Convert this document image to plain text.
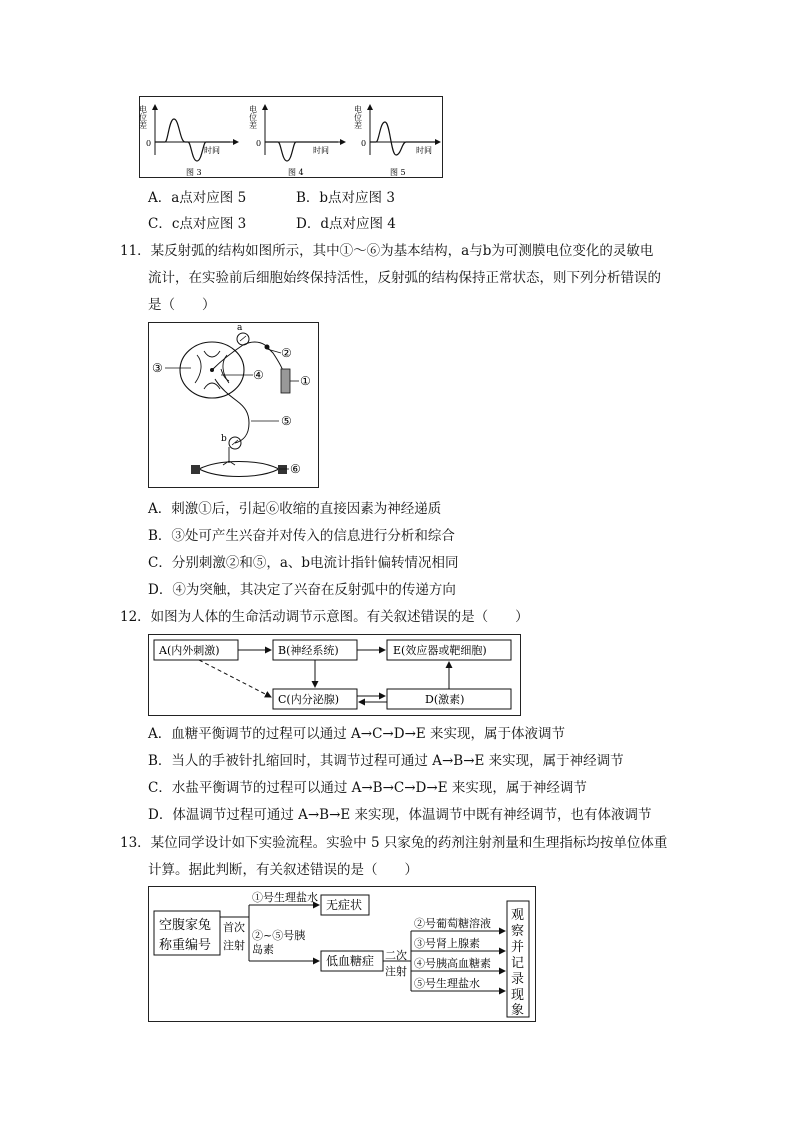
电位差
0
时间
图 3
电位差
0
时间
图 4
电位差
0
时间
图 5
A．a点对应图 5	B．b点对应图 3
C．c点对应图 3	D．d点对应图 4
11．某反射弧的结构如图所示，其中①～⑥为基本结构，a与b为可测膜电位变化的灵敏电
流计，在实验前后细胞始终保持活性，反射弧的结构保持正常状态，则下列分析错误的
是（　　）
a
b
③	④
②
①
⑤
⑥
A．刺激①后，引起⑥收缩的直接因素为神经递质
B．③处可产生兴奋并对传入的信息进行分析和综合
C．分别刺激②和⑤，a、b电流计指针偏转情况相同
D．④为突触，其决定了兴奋在反射弧中的传递方向
12．如图为人体的生命活动调节示意图。有关叙述错误的是（　　）
A(内外刺激)	B(神经系统)	E(效应器或靶细胞)
C(内分泌腺)	D(激素)
A．血糖平衡调节的过程可以通过 A→C→D→E 来实现，属于体液调节
B．当人的手被针扎缩回时，其调节过程可通过 A→B→E 来实现，属于神经调节
C．水盐平衡调节的过程可以通过 A→B→C→D→E 来实现，属于神经调节
D．体温调节过程可通过 A→B→E 来实现，体温调节中既有神经调节，也有体液调节
13．某位同学设计如下实验流程。实验中 5 只家兔的药剂注射剂量和生理指标均按单位体重
计算。据此判断，有关叙述错误的是（　　）
空腹家兔
称重编号
首次
注射
①号生理盐水
无症状
②~⑤号胰
岛素
低血糖症 二次
注射
②号葡萄糖溶液
③号肾上腺素
④号胰高血糖素
⑤号生理盐水
观
察
并
记
录
现
象
